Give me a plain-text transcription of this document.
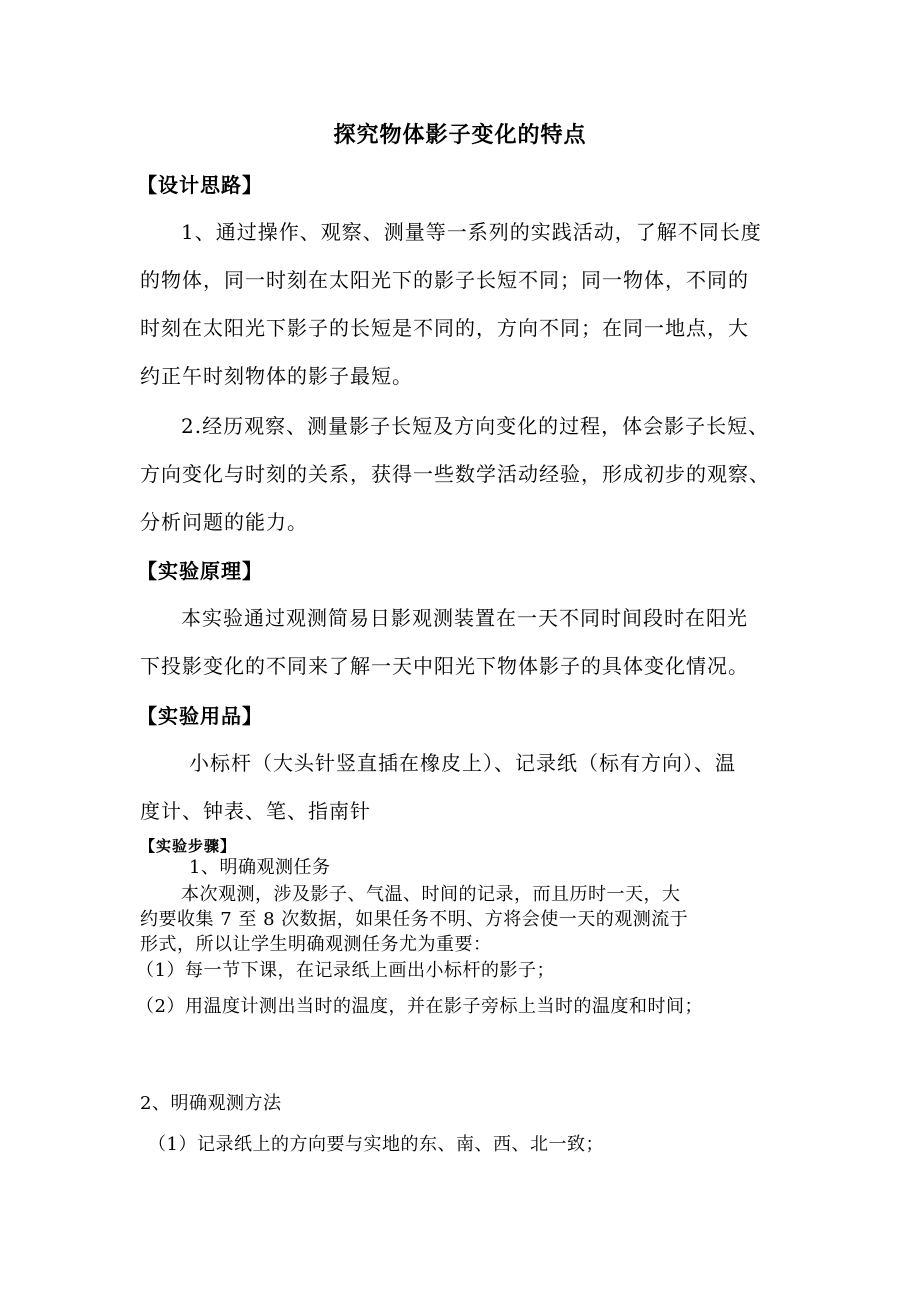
探究物体影子变化的特点
【设计思路】
1、通过操作、观察、测量等一系列的实践活动，了解不同长度
的物体，同一时刻在太阳光下的影子长短不同；同一物体，不同的
时刻在太阳光下影子的长短是不同的，方向不同；在同一地点，大
约正午时刻物体的影子最短。
2.经历观察、测量影子长短及方向变化的过程，体会影子长短、
方向变化与时刻的关系，获得一些数学活动经验，形成初步的观察、
分析问题的能力。
【实验原理】
本实验通过观测简易日影观测装置在一天不同时间段时在阳光
下投影变化的不同来了解一天中阳光下物体影子的具体变化情况。
【实验用品】
小标杆（大头针竖直插在橡皮上）、记录纸（标有方向）、温
度计、钟表、笔、指南针
【实验步骤】
1、明确观测任务
本次观测，涉及影子、气温、时间的记录，而且历时一天，大
约要收集 7 至 8 次数据，如果任务不明、方将会使一天的观测流于
形式，所以让学生明确观测任务尤为重要：
（1）每一节下课，在记录纸上画出小标杆的影子；
（2）用温度计测出当时的温度，并在影子旁标上当时的温度和时间；
2、明确观测方法
（1）记录纸上的方向要与实地的东、南、西、北一致；
